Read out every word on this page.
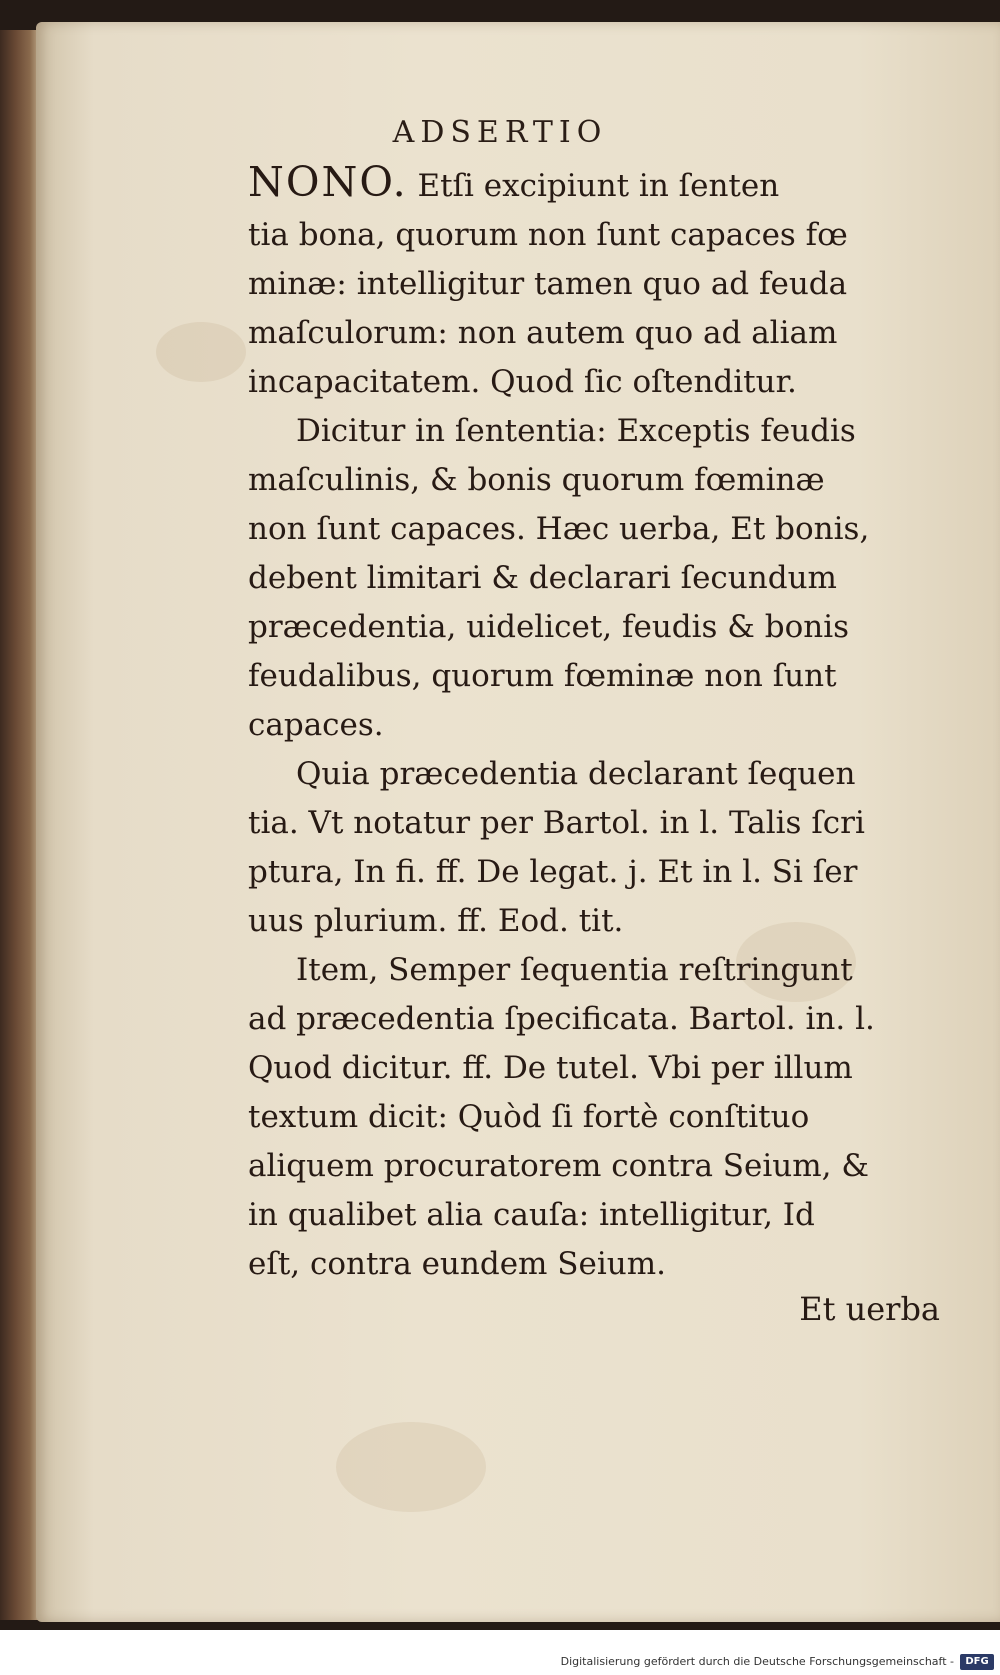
ADSERTIO
NONO. Etſi excipiunt in ſenten
tia bona, quorum non ſunt capaces fœ
minæ: intelligitur tamen quo ad feuda
maſculorum: non autem quo ad aliam
incapacitatem. Quod ſic oſtenditur.
Dicitur in ſententia: Exceptis feudis
maſculinis, & bonis quorum fœminæ
non ſunt capaces. Hæc uerba, Et bonis,
debent limitari & declarari ſecundum
præcedentia, uidelicet, feudis & bonis
feudalibus, quorum fœminæ non ſunt
capaces.
Quia præcedentia declarant ſequen
tia. Vt notatur per Bartol. in l. Talis ſcri
ptura, In fi. ff. De legat. j. Et in l. Si ſer
uus plurium. ff. Eod. tit.
Item, Semper ſequentia reſtringunt
ad præcedentia ſpecificata. Bartol. in. l.
Quod dicitur. ff. De tutel. Vbi per illum
textum dicit: Quòd ſi fortè conſtituo
aliquem procuratorem contra Seium, &
in qualibet alia cauſa: intelligitur, Id
eſt, contra eundem Seium.
Et uerba
Digitalisierung gefördert durch die Deutsche Forschungsgemeinschaft -	DFG
